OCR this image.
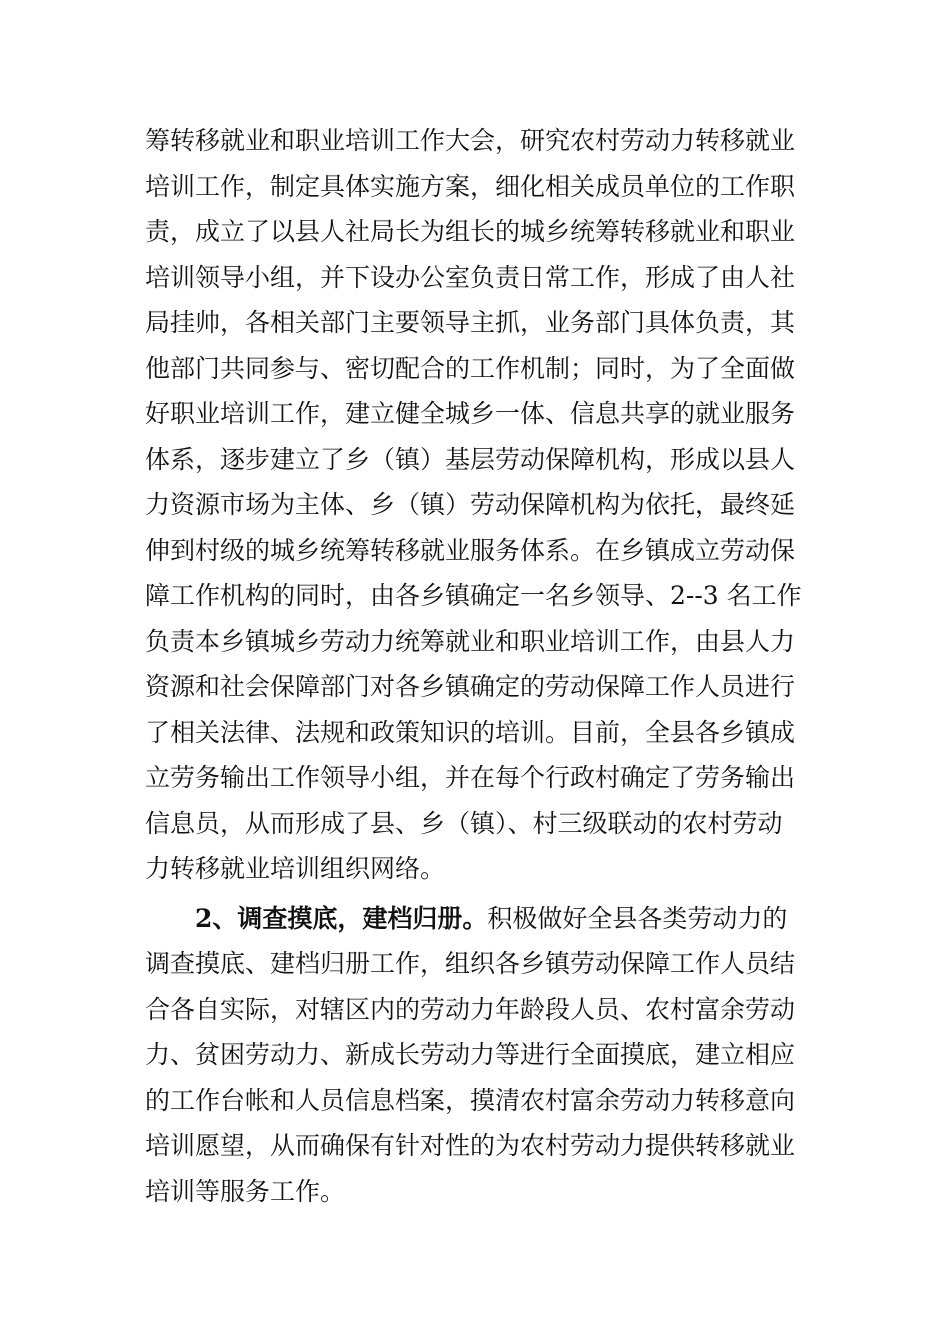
筹转移就业和职业培训工作大会，研究农村劳动力转移就业
培训工作，制定具体实施方案，细化相关成员单位的工作职
责，成立了以县人社局长为组长的城乡统筹转移就业和职业
培训领导小组，并下设办公室负责日常工作，形成了由人社
局挂帅，各相关部门主要领导主抓，业务部门具体负责，其
他部门共同参与、密切配合的工作机制；同时，为了全面做
好职业培训工作，建立健全城乡一体、信息共享的就业服务
体系，逐步建立了乡（镇）基层劳动保障机构，形成以县人
力资源市场为主体、乡（镇）劳动保障机构为依托，最终延
伸到村级的城乡统筹转移就业服务体系。在乡镇成立劳动保
障工作机构的同时，由各乡镇确定一名乡领导、2--3 名工作
负责本乡镇城乡劳动力统筹就业和职业培训工作，由县人力
资源和社会保障部门对各乡镇确定的劳动保障工作人员进行
了相关法律、法规和政策知识的培训。目前，全县各乡镇成
立劳务输出工作领导小组，并在每个行政村确定了劳务输出
信息员，从而形成了县、乡（镇）、村三级联动的农村劳动
力转移就业培训组织网络。
2、调查摸底，建档归册。积极做好全县各类劳动力的
调查摸底、建档归册工作，组织各乡镇劳动保障工作人员结
合各自实际，对辖区内的劳动力年龄段人员、农村富余劳动
力、贫困劳动力、新成长劳动力等进行全面摸底，建立相应
的工作台帐和人员信息档案，摸清农村富余劳动力转移意向
培训愿望，从而确保有针对性的为农村劳动力提供转移就业
培训等服务工作。
